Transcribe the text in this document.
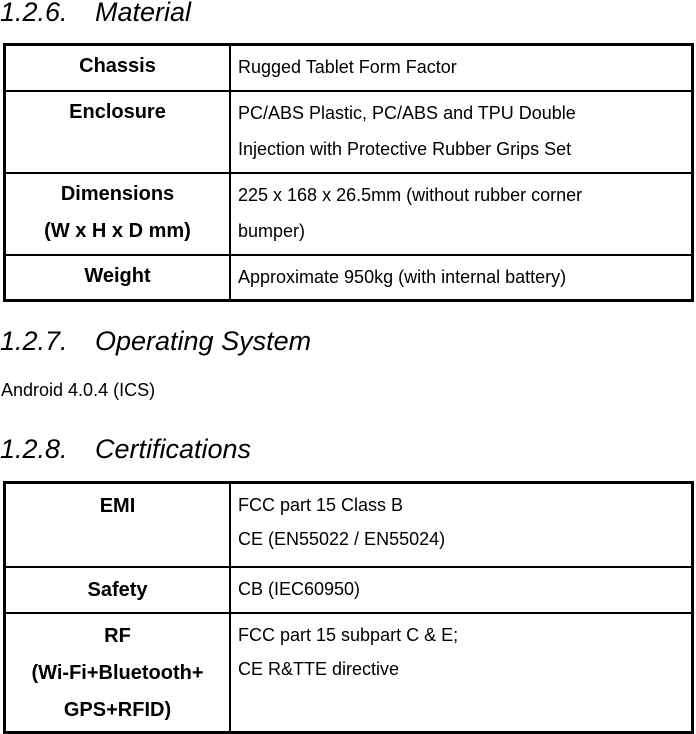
1.2.6. Material
Chassis	Rugged Tablet Form Factor

Enclosure	PC/ABS Plastic, PC/ABS and TPU Double
Injection with Protective Rubber Grips Set

Dimensions
(W x H x D mm)	225 x 168 x 26.5mm (without rubber corner
bumper)

Weight	Approximate 950kg (with internal battery)
1.2.7. Operating System
Android 4.0.4 (ICS)
1.2.8. Certifications
EMI	FCC part 15 Class B
CE (EN55022 / EN55024)

Safety	CB (IEC60950)

RF
(Wi-Fi+Bluetooth+
GPS+RFID)	FCC part 15 subpart C & E;
CE R&TTE directive
